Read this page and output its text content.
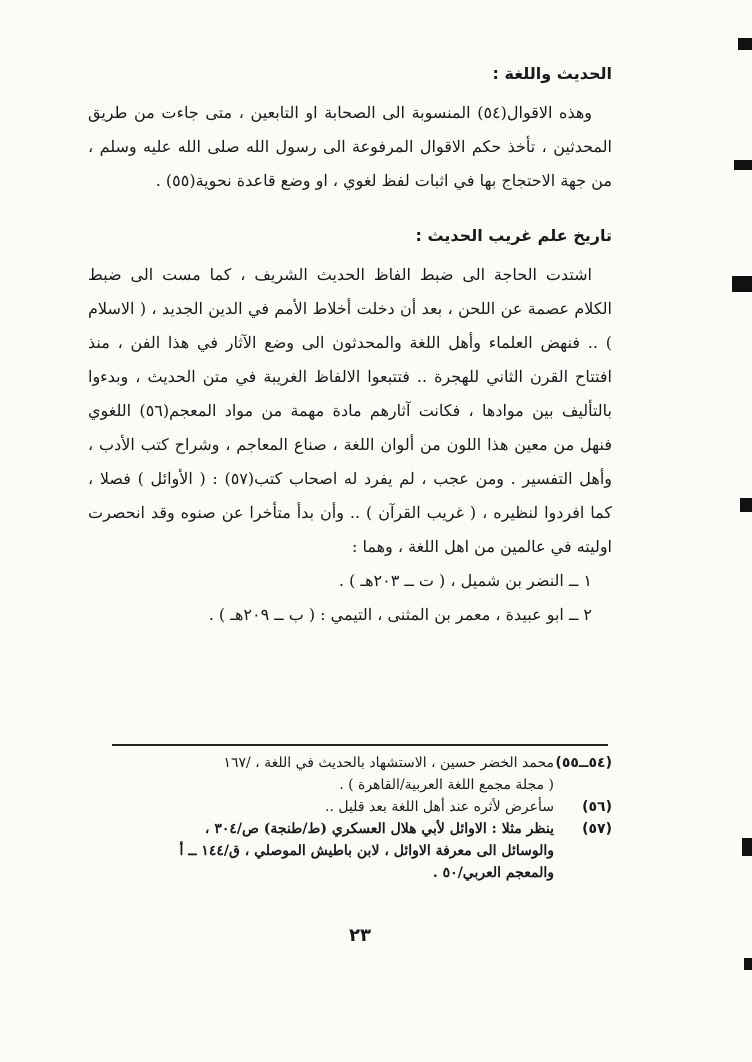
الحديث واللغة :

وهذه الاقوال(٥٤) المنسوبة الى الصحابة او التابعين ، متى جاءت من طريق المحدثين ، تأخذ حكم الاقوال المرفوعة الى رسول الله صلى الله عليه وسلم ، من جهة الاحتجاج بها في اثبات لفظ لغوي ، او وضع قاعدة نحوية(٥٥) .

تاريخ علم غريب الحديث :

اشتدت الحاجة الى ضبط الفاظ الحديث الشريف ، كما مست الى ضبط الكلام عصمة عن اللحن ، بعد أن دخلت أخلاط الأمم في الدين الجديد ، ( الاسلام ) .. فنهض العلماء وأهل اللغة والمحدثون الى وضع الآثار في هذا الفن ، منذ افتتاح القرن الثاني للهجرة .. فتتبعوا الالفاظ الغريبة في متن الحديث ، وبدءوا بالتأليف بين موادها ، فكانت آثارهم مادة مهمة من مواد المعجم(٥٦) اللغوي فنهل من معين هذا اللون من ألوان اللغة ، صناع المعاجم ، وشراح كتب الأدب ، وأهل التفسير . ومن عجب ، لم يفرد له اصحاب كتب(٥٧) : ( الأوائل ) فصلا ، كما افردوا لنظيره ، ( غريب القرآن ) .. وأن بدأ متأخرا عن صنوه وقد انحصرت اوليته في عالمين من اهل اللغة ، وهما :

١ ــ النضر بن شميل ، ( ت ــ ٢٠٣هـ ) .
٢ ــ ابو عبيدة ، معمر بن المثنى ، التيمي : ( ب ــ ٢٠٩هـ ) .
(٥٤ــ٥٥)
محمد الخضر حسين ، الاستشهاد بالحديث في اللغة ، /١٦٧
( مجلة مجمع اللغة العربية/القاهرة ) .
(٥٦)
سأعرض لأثره عند أهل اللغة بعد قليل ..
(٥٧)
ينظر مثلا : الاوائل لأبي هلال العسكري (ط/طنجة) ص/٣٠٤ ،
والوسائل الى معرفة الاوائل ، لابن باطيش الموصلي ، ق/١٤٤ ــ أ
والمعجم العربي/٥٠ .
٢٣
